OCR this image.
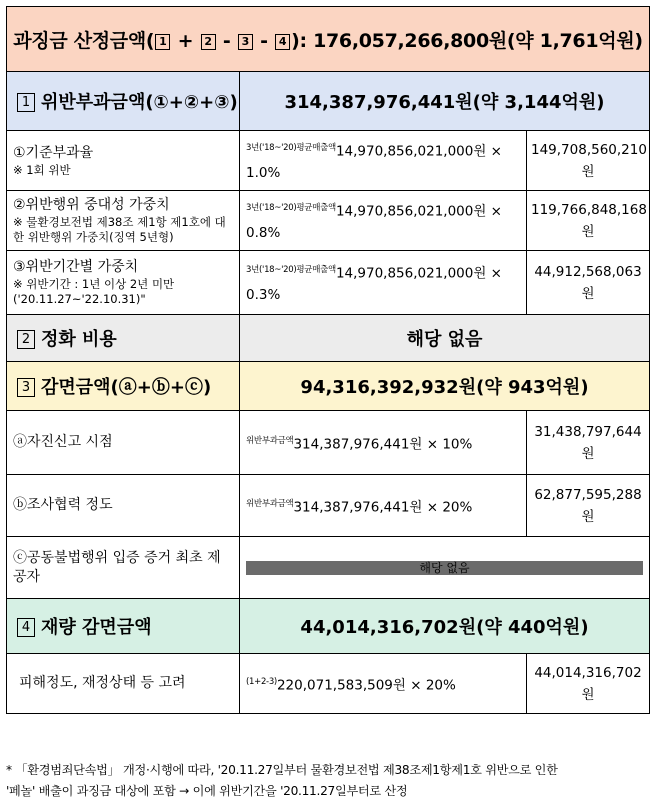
과징금 산정금액( 1 + 2 - 3 - 4 ): 176,057,266,800원(약 1,761억원)		
1 위반부과금액(①+②+③)	314,387,976,441원(약 3,144억원)	
①기준부과율
※ 1회 위반	$^{3년('18\sim'20)평균매출액}$14,970,856,021,000원 × 1.0%	149,708,560,210원
②위반행위 중대성 가중치
※ 물환경보전법 제38조 제1항 제1호에 대한 위반행위 가중치(징역 5년형)	$^{3년('18\sim'20)평균매출액}$14,970,856,021,000원 × 0.8%	119,766,848,168원
③위반기간별 가중치
※ 위반기간 : 1년 이상 2년 미만 ('20.11.27~'22.10.31)"	$^{3년('18\sim'20)평균매출액}$14,970,856,021,000원 × 0.3%	44,912,568,063원
2 정화 비용	해당 없음	
3 감면금액(ⓐ+ⓑ+ⓒ)	94,316,392,932원(약 943억원)	
ⓐ자진신고 시점	$^{위반부과금액}$314,387,976,441원 × 10%	31,438,797,644원
ⓑ조사협력 정도	$^{위반부과금액}$314,387,976,441원 × 20%	62,877,595,288원
ⓒ공동불법행위 입증 증거 최초 제공자	해당 없음	

4 재량 감면금액	44,014,316,702원(약 440억원)	
피해정도, 재정상태 등 고려	$^{(1+2-3)}$220,071,583,509원 × 20%	44,014,316,702원
* 「환경범죄단속법」 개정·시행에 따라, '20.11.27일부터 물환경보전법 제38조제1항제1호 위반으로 인한
'페놀' 배출이 과징금 대상에 포함 → 이에 위반기간을 '20.11.27일부터로 산정
